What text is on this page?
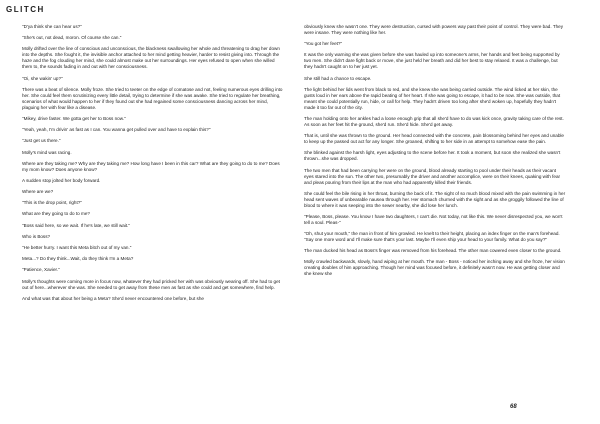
GLITCH

"D'ya think she can hear us?"

"She's out, not dead, moron. Of course she can."

Molly drifted over the line of conscious and unconscious, the blackness swallowing her whole and threatening to drag her down into the depths. She fought it, the invisible anchor attached to her mind getting heavier, harder to resist giving into. Through the haze and the fog clouding her mind, she could almost make out her surroundings. Her eyes refused to open when she willed them to, the sounds fading in and out with her consciousness.

"Oi, she wakin' up?"

There was a beat of silence. Molly froze. She tried to teeter on the edge of comatose and not, feeling numerous eyes drilling into her. She could feel them scrutinizing every little detail, trying to determine if she was awake. She tried to regulate her breathing, scenarios of what would happen to her if they found out she had regained some consciousness dancing across her mind, plaguing her with fear like a disease.

"Mikey, drive faster. We gotta get her to Boss now."

"Yeah, yeah, I'm drivin' as fast as I can. You wanna get pulled over and have to explain this?"

"Just get us there."

Molly's mind was racing.

Where are they taking me? Why are they taking me? How long have I been in this car? What are they going to do to me? Does my mom know? Does anyone know?

A sudden stop jolted her body forward.

Where are we?

"This is the drop point, right?"

What are they going to do to me?

"Boss said here, so we wait. If he's late, we still wait."

Who is Boss?

"He better hurry. I want this Meta bitch out of my van."

Meta...? Do they think...Wait, do they think I'm a Meta?

"Patience, Xavier."

Molly's thoughts were coming more in focus now, whatever they had pricked her with was obviously wearing off. She had to get out of here...wherever she was. She needed to get away from these men as fast as she could and get somewhere, find help.

And what was that about her being a Meta? She'd never encountered one before, but she

obviously knew she wasn't one. They were destruction, cursed with powers way past their point of control. They were bad. They were insane. They were nothing like her.

"You got her feet?"

It was the only warning she was given before she was hauled up into someone's arms, her hands and feet being supported by two men. She didn't dare fight back or move, she just held her breath and did her best to stay relaxed. It was a challenge, but they hadn't caught on to her just yet.

She still had a chance to escape.

The light behind her lids went from black to red, and she knew she was being carried outside. The wind licked at her skin, the gusts loud in her ears above the rapid beating of her heart. If she was going to escape, it had to be now. She was outside, that meant she could potentially run, hide, or call for help. They hadn't driven too long after she'd woken up, hopefully they hadn't made it too far out of the city.

The man holding onto her ankles had a loose enough grip that all she'd have to do was kick once, gravity taking care of the rest. As soon as her feet hit the ground, she'd run. She'd hide. She'd get away.

That is, until she was thrown to the ground. Her head connected with the concrete, pain blossoming behind her eyes and unable to keep up the passed out act for any longer. She groaned, shifting to her side in an attempt to somehow ease the pain.

She blinked against the harsh light, eyes adjusting to the scene before her. It took a moment, but soon she realized she wasn't thrown...she was dropped.

The two men that had been carrying her were on the ground, blood already starting to pool under their heads as their vacant eyes stared into the sun. The other two, presumably the driver and another accomplice, were on their knees, quaking with fear and pleas pouring from their lips at the man who had apparently killed their friends.

She could feel the bile rising in her throat, burning the back of it. The sight of so much blood mixed with the pain swimming in her head sent waves of unbearable nausea through her. Her stomach churned with the sight and as she groggily followed the line of blood to where it was seeping into the sewer nearby, she did lose her lunch.

"Please, Boss, please. You know I have two daughters, I can't die. Not today, not like this. We never disrespected you, we won't tell a soul. Pleas-"

"Oh, shut your mouth," the man in front of him growled. He knelt to their height, placing an index finger on the man's forehead. "Say one more word and I'll make sure that's your last. Maybe I'll even ship your head to your family. What do you say?"

The man ducked his head as Boss's finger was removed from his forehead. The other man cowered even closer to the ground.

Molly crawled backwards, slowly, hand wiping at her mouth. The man - Boss - noticed her inching away and she froze, her vision creating doubles of him approaching. Though her mind was focused before, it definitely wasn't now. He was getting closer and she knew she

68
